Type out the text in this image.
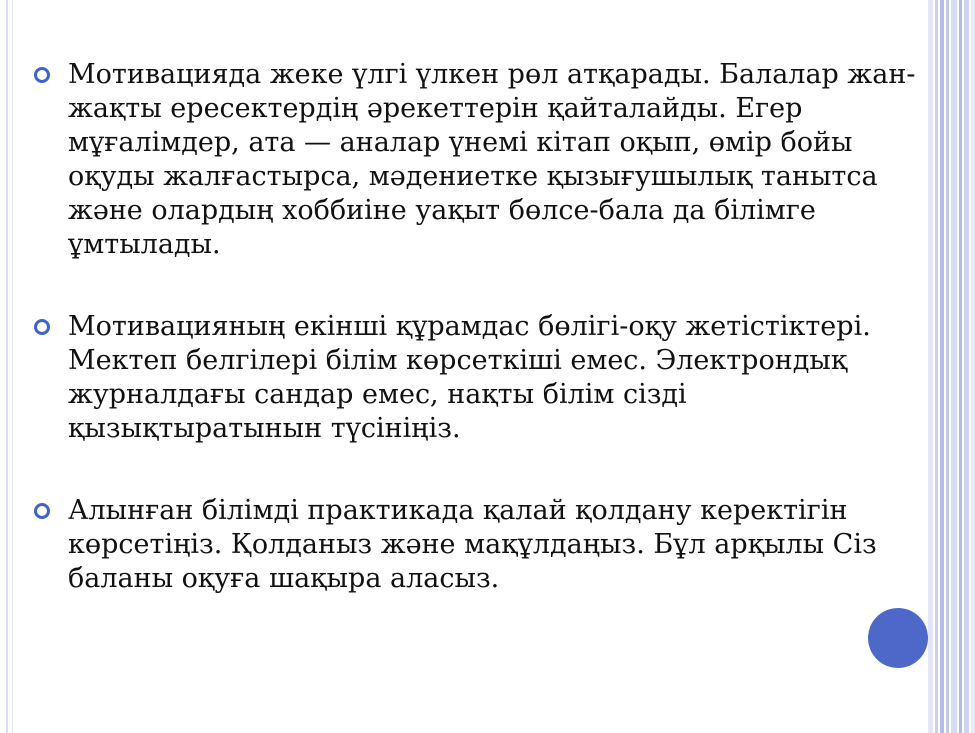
Мотивацияда жеке үлгі үлкен рөл атқарады. Балалар жан-жақты ересектердің әрекеттерін қайталайды. Егер мұғалімдер, ата — аналар үнемі кітап оқып, өмір бойы оқуды жалғастырса, мәдениетке қызығушылық танытса және олардың хоббиіне уақыт бөлсе-бала да білімге ұмтылады.

Мотивацияның екінші құрамдас бөлігі-оқу жетістіктері. Мектеп белгілері білім көрсеткіші емес. Электрондық журналдағы сандар емес, нақты білім сізді қызықтыратынын түсініңіз.

Алынған білімді практикада қалай қолдану керектігін көрсетіңіз. Қолданыз және мақұлдаңыз. Бұл арқылы Сіз баланы оқуға шақыра аласыз.
